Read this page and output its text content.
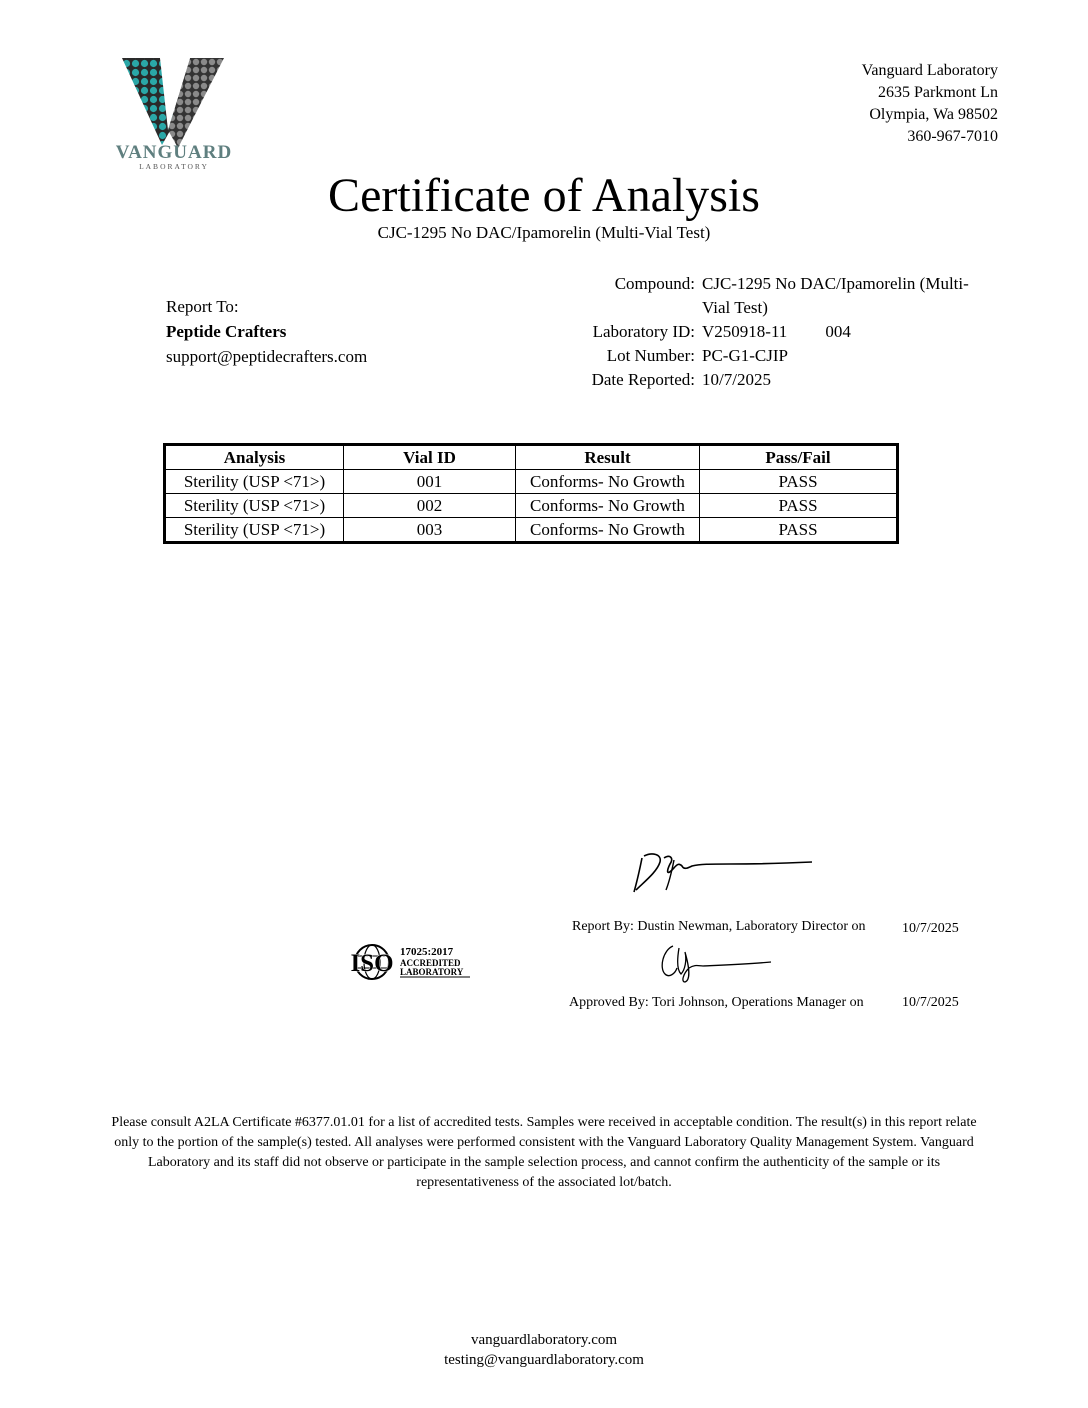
VANGUARD
LABORATORY
Vanguard Laboratory
2635 Parkmont Ln
Olympia, Wa 98502
360-967-7010
Certificate of Analysis
CJC-1295 No DAC/Ipamorelin (Multi-Vial Test)
Report To:
Peptide Crafters
support@peptidecrafters.com
Compound: CJC-1295 No DAC/Ipamorelin (Multi-
Vial Test)
Laboratory ID: V250918-11 004
Lot Number: PC-G1-CJIP
Date Reported: 10/7/2025
Analysis	Vial ID	Result	Pass/Fail
Sterility (USP <71>)	001	Conforms- No Growth	PASS
Sterility (USP <71>)	002	Conforms- No Growth	PASS
Sterility (USP <71>)	003	Conforms- No Growth	PASS
Report By: Dustin Newman, Laboratory Director on	10/7/2025
Approved By: Tori Johnson, Operations Manager on	10/7/2025
ISO 17025:2017
ACCREDITED
LABORATORY
Please consult A2LA Certificate #6377.01.01 for a list of accredited tests. Samples were received in acceptable condition. The result(s) in this report relate only to the portion of the sample(s) tested. All analyses were performed consistent with the Vanguard Laboratory Quality Management System. Vanguard Laboratory and its staff did not observe or participate in the sample selection process, and cannot confirm the authenticity of the sample or its representativeness of the associated lot/batch.
vanguardlaboratory.com
testing@vanguardlaboratory.com
